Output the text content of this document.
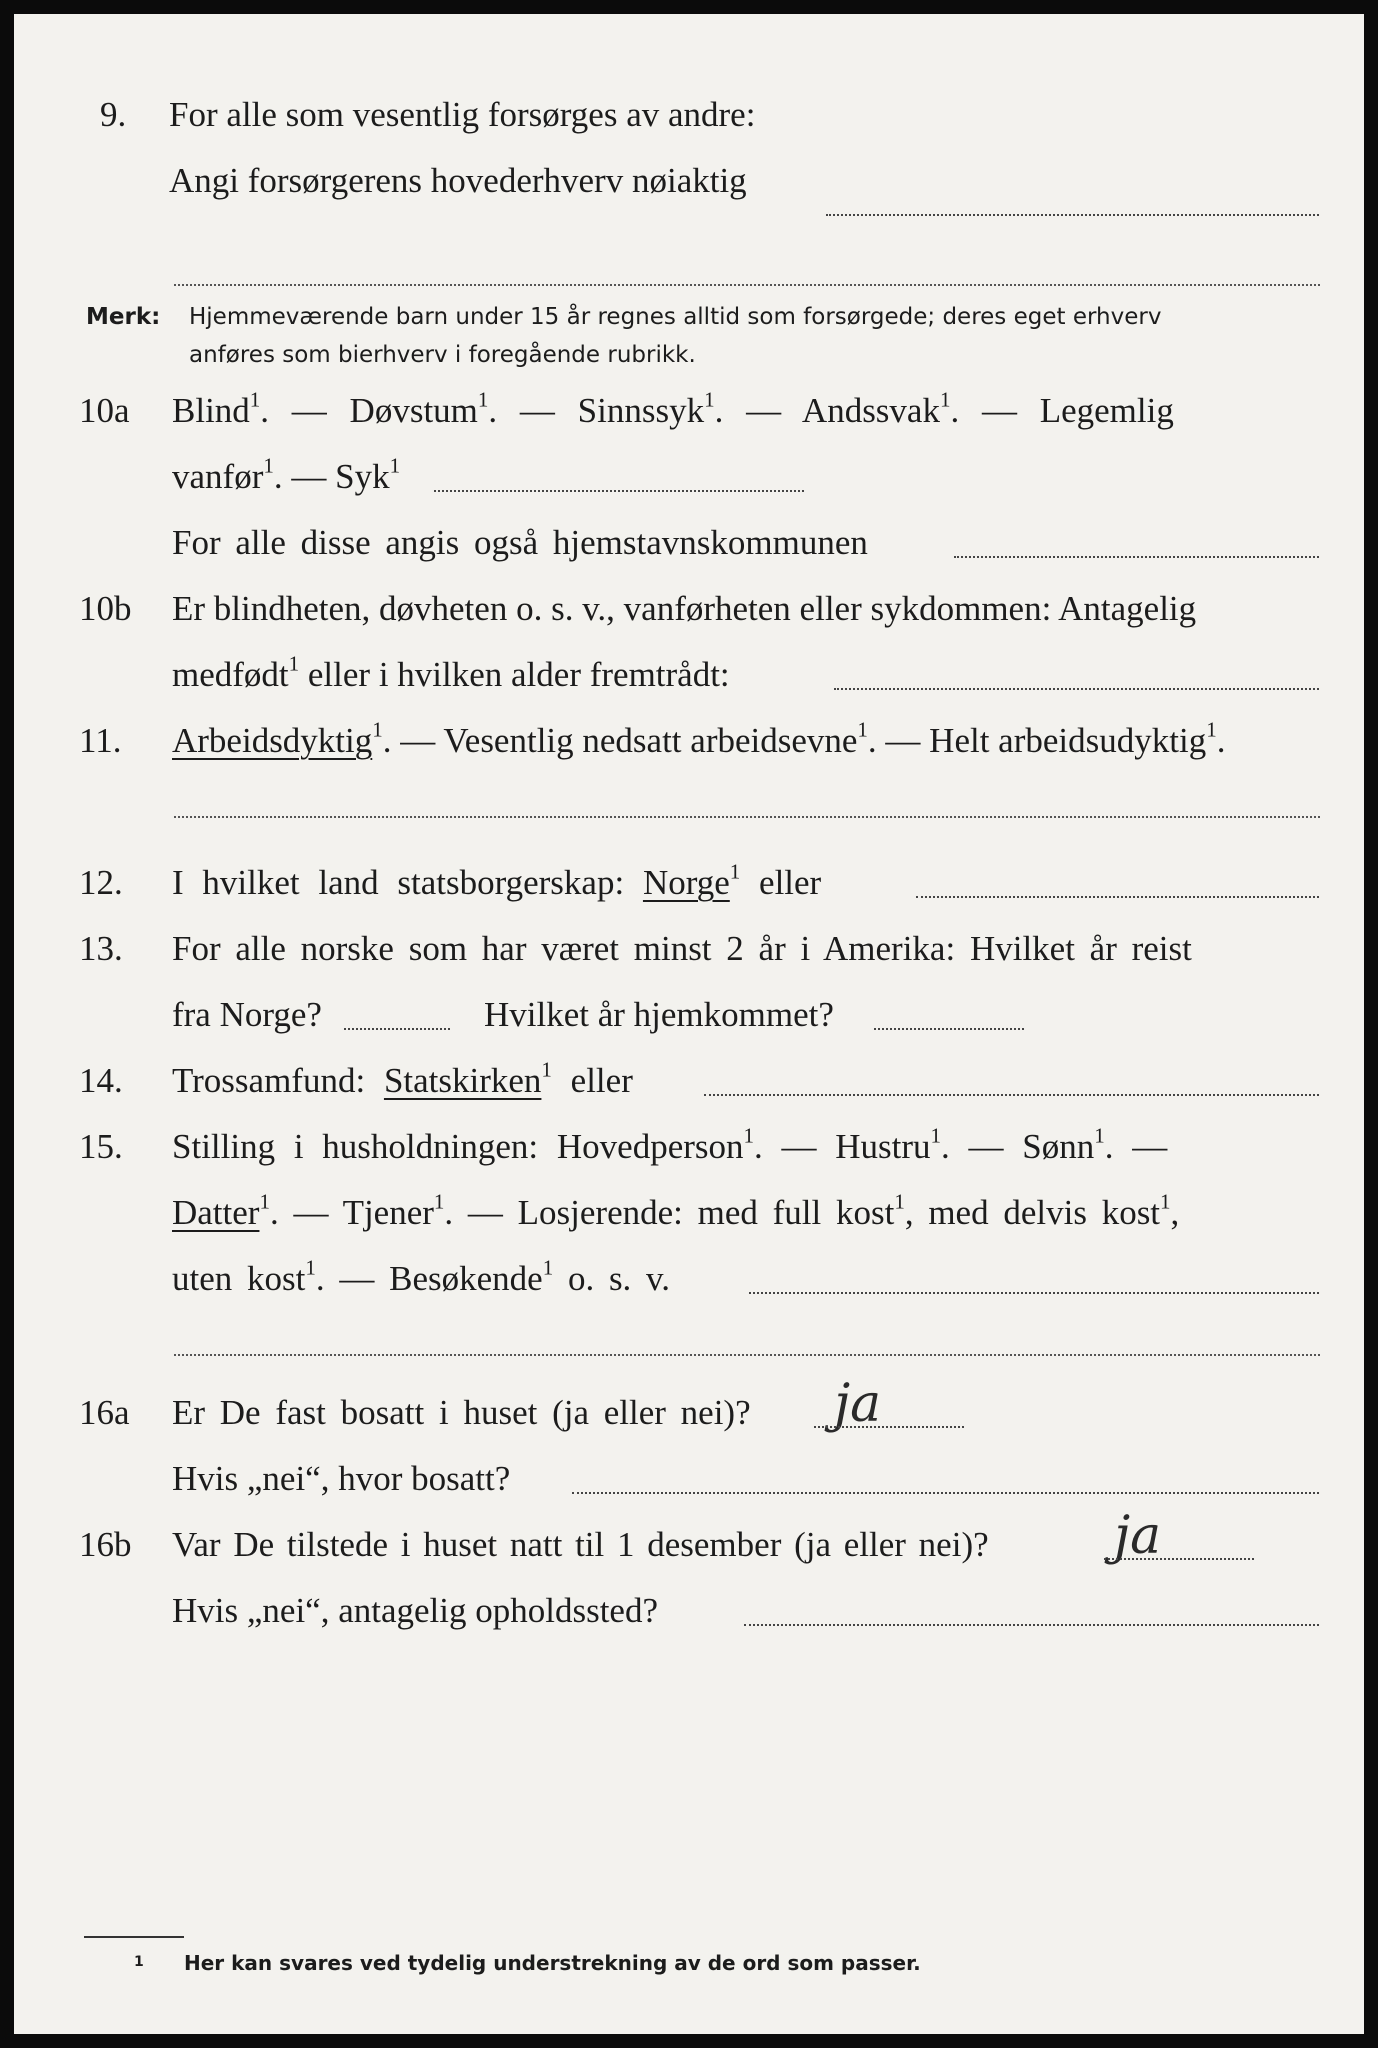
9. For alle som vesentlig forsørges av andre:
Angi forsørgerens hovederhverv nøiaktig
Merk: Hjemmeværende barn under 15 år regnes alltid som forsørgede; deres eget erhverv
anføres som bierhverv i foregående rubrikk.
10a Blind$^1$. — Døvstum$^1$. — Sinnssyk$^1$. — Andssvak$^1$. — Legemlig
vanfør$^1$. — Syk$^1$
For alle disse angis også hjemstavnskommunen
10b Er blindheten, døvheten o. s. v., vanførheten eller sykdommen: Antagelig
medfødt$^1$ eller i hvilken alder fremtrådt:
11. Arbeidsdyktig$^1$. — Vesentlig nedsatt arbeidsevne$^1$. — Helt arbeidsudyktig$^1$.
12. I hvilket land statsborgerskap: Norge$^1$ eller
13. For alle norske som har været minst 2 år i Amerika: Hvilket år reist
fra Norge?	Hvilket år hjemkommet?
14. Trossamfund: Statskirken$^1$ eller
15. Stilling i husholdningen: Hovedperson$^1$. — Hustru$^1$. — Sønn$^1$. —
Datter$^1$. — Tjener$^1$. — Losjerende: med full kost$^1$, med delvis kost$^1$,
uten kost$^1$. — Besøkende$^1$ o. s. v.
16a Er De fast bosatt i huset (ja eller nei)? ja
Hvis „nei“, hvor bosatt?
16b Var De tilstede i huset natt til 1 desember (ja eller nei)? ja
Hvis „nei“, antagelig opholdssted?
1 Her kan svares ved tydelig understrekning av de ord som passer.
